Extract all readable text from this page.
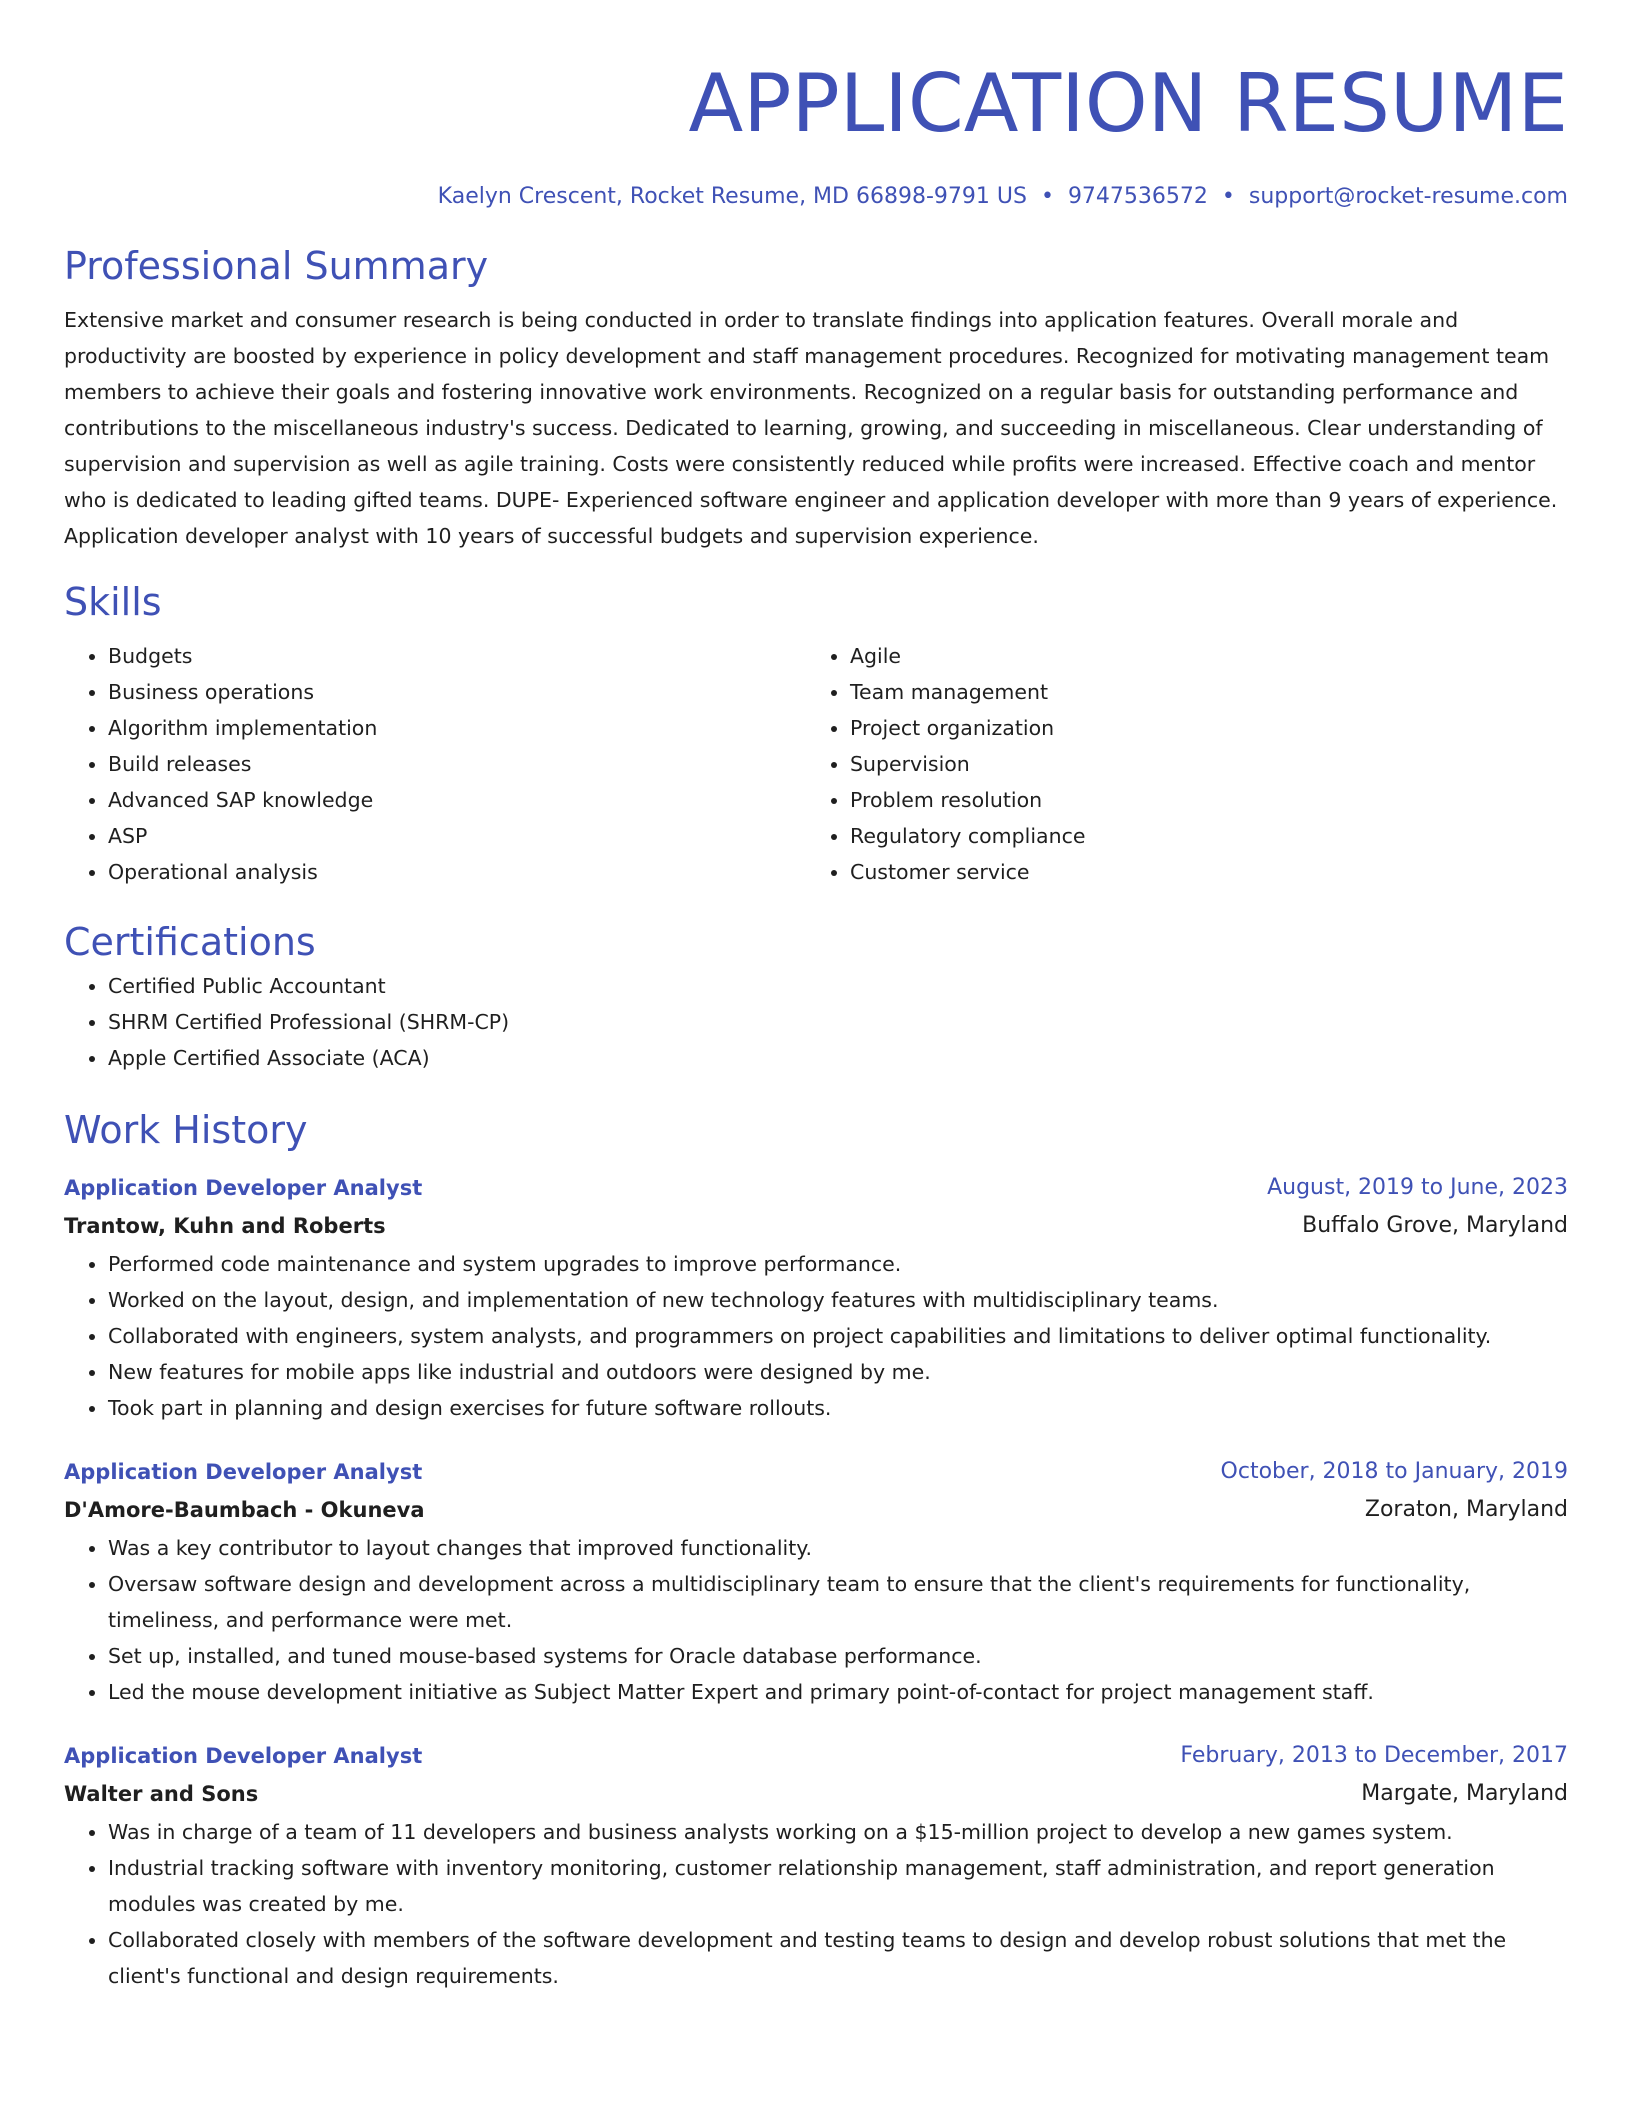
APPLICATION RESUME
Kaelyn Crescent, Rocket Resume, MD 66898-9791 US • 9747536572 • support@rocket-resume.com
Professional Summary
Extensive market and consumer research is being conducted in order to translate findings into application features. Overall morale and productivity are boosted by experience in policy development and staff management procedures. Recognized for motivating management team members to achieve their goals and fostering innovative work environments. Recognized on a regular basis for outstanding performance and contributions to the miscellaneous industry's success. Dedicated to learning, growing, and succeeding in miscellaneous. Clear understanding of supervision and supervision as well as agile training. Costs were consistently reduced while profits were increased. Effective coach and mentor who is dedicated to leading gifted teams. DUPE- Experienced software engineer and application developer with more than 9 years of experience. Application developer analyst with 10 years of successful budgets and supervision experience.
Skills
• Budgets
• Business operations
• Algorithm implementation
• Build releases
• Advanced SAP knowledge
• ASP
• Operational analysis
• Agile
• Team management
• Project organization
• Supervision
• Problem resolution
• Regulatory compliance
• Customer service
Certifications
• Certified Public Accountant
• SHRM Certified Professional (SHRM-CP)
• Apple Certified Associate (ACA)
Work History
Application Developer Analyst	August, 2019 to June, 2023
Trantow, Kuhn and Roberts	Buffalo Grove, Maryland
• Performed code maintenance and system upgrades to improve performance.
• Worked on the layout, design, and implementation of new technology features with multidisciplinary teams.
• Collaborated with engineers, system analysts, and programmers on project capabilities and limitations to deliver optimal functionality.
• New features for mobile apps like industrial and outdoors were designed by me.
• Took part in planning and design exercises for future software rollouts.
Application Developer Analyst	October, 2018 to January, 2019
D'Amore-Baumbach - Okuneva	Zoraton, Maryland
• Was a key contributor to layout changes that improved functionality.
• Oversaw software design and development across a multidisciplinary team to ensure that the client's requirements for functionality, timeliness, and performance were met.
• Set up, installed, and tuned mouse-based systems for Oracle database performance.
• Led the mouse development initiative as Subject Matter Expert and primary point-of-contact for project management staff.
Application Developer Analyst	February, 2013 to December, 2017
Walter and Sons	Margate, Maryland
• Was in charge of a team of 11 developers and business analysts working on a $15-million project to develop a new games system.
• Industrial tracking software with inventory monitoring, customer relationship management, staff administration, and report generation modules was created by me.
• Collaborated closely with members of the software development and testing teams to design and develop robust solutions that met the client's functional and design requirements.
